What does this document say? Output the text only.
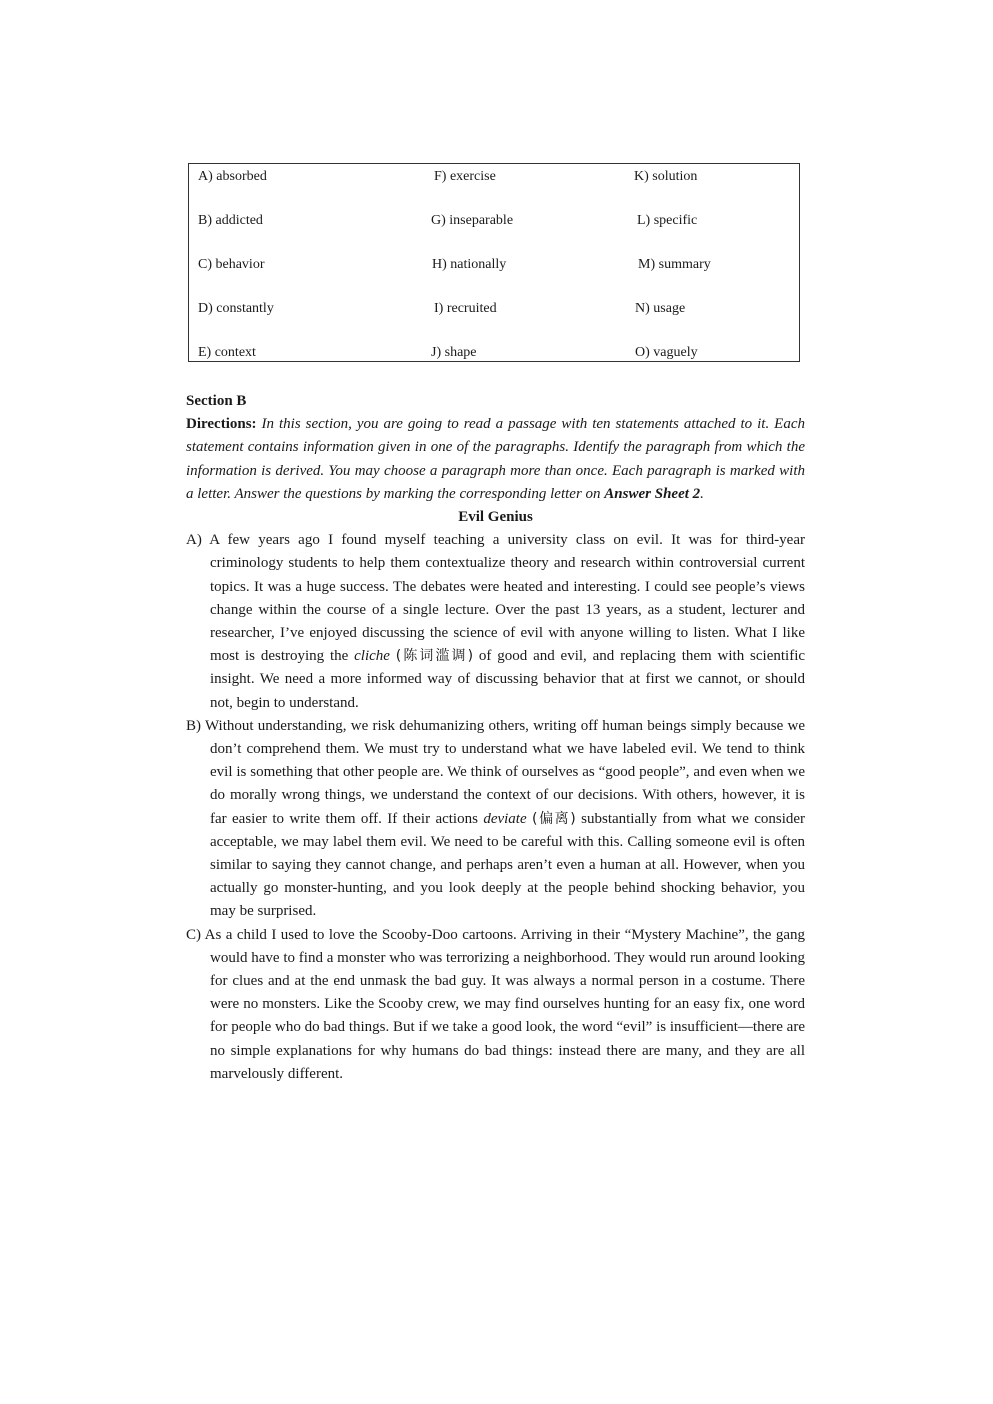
A) absorbed
B) addicted
C) behavior
D) constantly
E) context
F) exercise
G) inseparable
H) nationally
I) recruited
J) shape
K) solution
L) specific
M) summary
N) usage
O) vaguely
Section B

Directions: In this section, you are going to read a passage with ten statements attached to it. Each statement contains information given in one of the paragraphs. Identify the paragraph from which the information is derived. You may choose a paragraph more than once. Each paragraph is marked with a letter. Answer the questions by marking the corresponding letter on Answer Sheet 2.

Evil Genius

A) A few years ago I found myself teaching a university class on evil. It was for third-year criminology students to help them contextualize theory and research within controversial current topics. It was a huge success. The debates were heated and interesting. I could see people’s views change within the course of a single lecture. Over the past 13 years, as a student, lecturer and researcher, I’ve enjoyed discussing the science of evil with anyone willing to listen. What I like most is destroying the cliche (陈词滥调) of good and evil, and replacing them with scientific insight. We need a more informed way of discussing behavior that at first we cannot, or should not, begin to understand.

B) Without understanding, we risk dehumanizing others, writing off human beings simply because we don’t comprehend them. We must try to understand what we have labeled evil. We tend to think evil is something that other people are. We think of ourselves as “good people”, and even when we do morally wrong things, we understand the context of our decisions. With others, however, it is far easier to write them off. If their actions deviate (偏离) substantially from what we consider acceptable, we may label them evil. We need to be careful with this. Calling someone evil is often similar to saying they cannot change, and perhaps aren’t even a human at all. However, when you actually go monster-hunting, and you look deeply at the people behind shocking behavior, you may be surprised.

C) As a child I used to love the Scooby-Doo cartoons. Arriving in their “Mystery Machine”, the gang would have to find a monster who was terrorizing a neighborhood. They would run around looking for clues and at the end unmask the bad guy. It was always a normal person in a costume. There were no monsters. Like the Scooby crew, we may find ourselves hunting for an easy fix, one word for people who do bad things. But if we take a good look, the word “evil” is insufficient—there are no simple explanations for why humans do bad things: instead there are many, and they are all marvelously different.
